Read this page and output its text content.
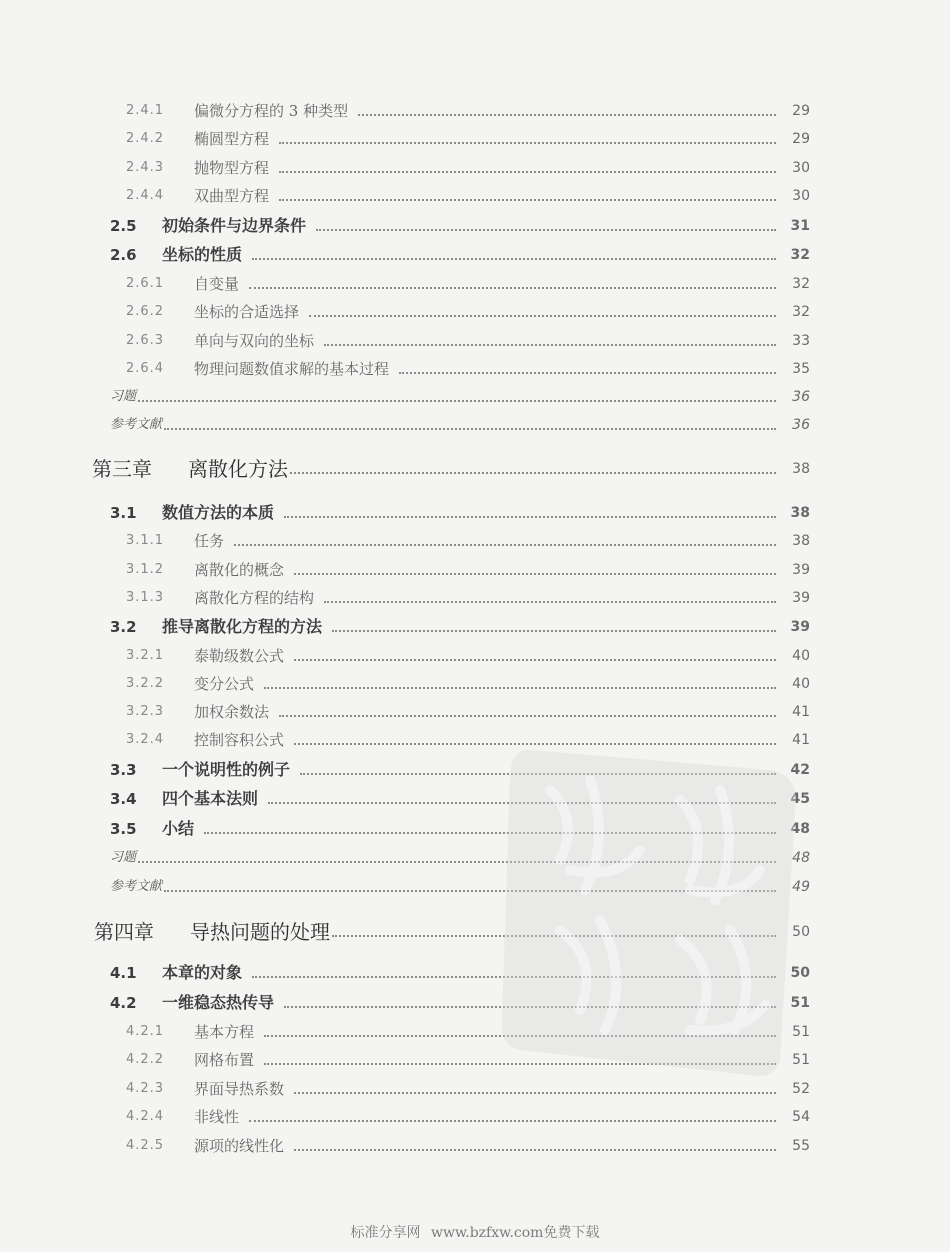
2.4.1	偏微分方程的 3 种类型	29
2.4.2	椭圆型方程	29
2.4.3	抛物型方程	30
2.4.4	双曲型方程	30
2.5	初始条件与边界条件	31
2.6	坐标的性质	32
2.6.1	自变量	32
2.6.2	坐标的合适选择	32
2.6.3	单向与双向的坐标	33
2.6.4	物理问题数值求解的基本过程	35
习题	36
参考文献	36
第三章	离散化方法	38
3.1	数值方法的本质	38
3.1.1	任务	38
3.1.2	离散化的概念	39
3.1.3	离散化方程的结构	39
3.2	推导离散化方程的方法	39
3.2.1	泰勒级数公式	40
3.2.2	变分公式	40
3.2.3	加权余数法	41
3.2.4	控制容积公式	41
3.3	一个说明性的例子	42
3.4	四个基本法则	45
3.5	小结	48
习题	48
参考文献	49
第四章	导热问题的处理	50
4.1	本章的对象	50
4.2	一维稳态热传导	51
4.2.1	基本方程	51
4.2.2	网格布置	51
4.2.3	界面导热系数	52
4.2.4	非线性	54
4.2.5	源项的线性化	55
标准分享网 www.bzfxw.com免费下载
